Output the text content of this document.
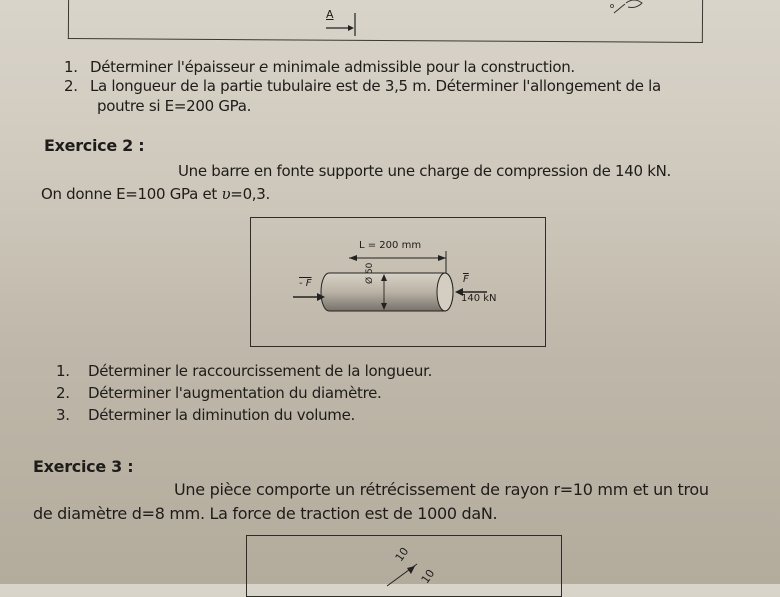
A
1. Déterminer l'épaisseur e minimale admissible pour la construction.
2. La longueur de la partie tubulaire est de 3,5 m. Déterminer l'allongement de la
poutre si E=200 GPa.
Exercice 2 :
Une barre en fonte supporte une charge de compression de 140 kN.
On donne E=100 GPa et υ=0,3.
L = 200 mm
Ø 50
- F	$\overline{F}$
140 kN
1. Déterminer le raccourcissement de la longueur.
2. Déterminer l'augmentation du diamètre.
3. Déterminer la diminution du volume.
Exercice 3 :
Une pièce comporte un rétrécissement de rayon r=10 mm et un trou
de diamètre d=8 mm. La force de traction est de 1000 daN.
10
10
